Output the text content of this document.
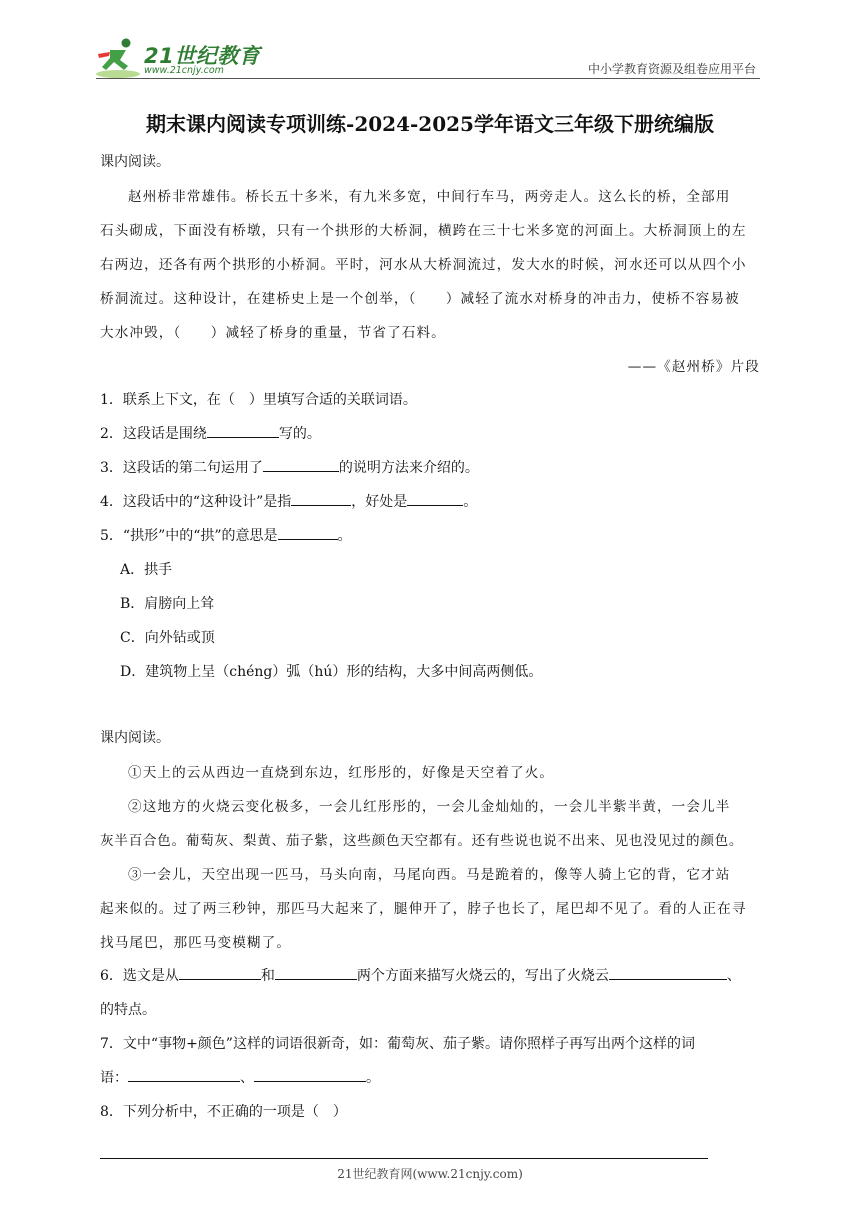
21世纪教育
www.21cnjy.com	中小学教育资源及组卷应用平台
期末课内阅读专项训练-2024-2025学年语文三年级下册统编版
课内阅读。
赵州桥非常雄伟。桥长五十多米，有九米多宽，中间行车马，两旁走人。这么长的桥，全部用
石头砌成，下面没有桥墩，只有一个拱形的大桥洞，横跨在三十七米多宽的河面上。大桥洞顶上的左
右两边，还各有两个拱形的小桥洞。平时，河水从大桥洞流过，发大水的时候，河水还可以从四个小
桥洞流过。这种设计，在建桥史上是一个创举，（　　）减轻了流水对桥身的冲击力，使桥不容易被
大水冲毁，（　　）减轻了桥身的重量，节省了石料。
——《赵州桥》片段
1．联系上下文，在（　）里填写合适的关联词语。
2．这段话是围绕	写的。
3．这段话的第二句运用了	的说明方法来介绍的。
4．这段话中的“这种设计”是指	，好处是	。
5．“拱形”中的“拱”的意思是	。
A．拱手
B．肩膀向上耸
C．向外钻或顶
D．建筑物上呈（chéng）弧（hú）形的结构，大多中间高两侧低。
课内阅读。
①天上的云从西边一直烧到东边，红彤彤的，好像是天空着了火。
②这地方的火烧云变化极多，一会儿红彤彤的，一会儿金灿灿的，一会儿半紫半黄，一会儿半
灰半百合色。葡萄灰、梨黄、茄子紫，这些颜色天空都有。还有些说也说不出来、见也没见过的颜色。
③一会儿，天空出现一匹马，马头向南，马尾向西。马是跪着的，像等人骑上它的背，它才站
起来似的。过了两三秒钟，那匹马大起来了，腿伸开了，脖子也长了，尾巴却不见了。看的人正在寻
找马尾巴，那匹马变模糊了。
6．选文是从	和	两个方面来描写火烧云的，写出了火烧云	、
的特点。
7．文中“事物+颜色”这样的词语很新奇，如：葡萄灰、茄子紫。请你照样子再写出两个这样的词
语：	、	。
8．下列分析中，不正确的一项是（　）
21世纪教育网(www.21cnjy.com)
